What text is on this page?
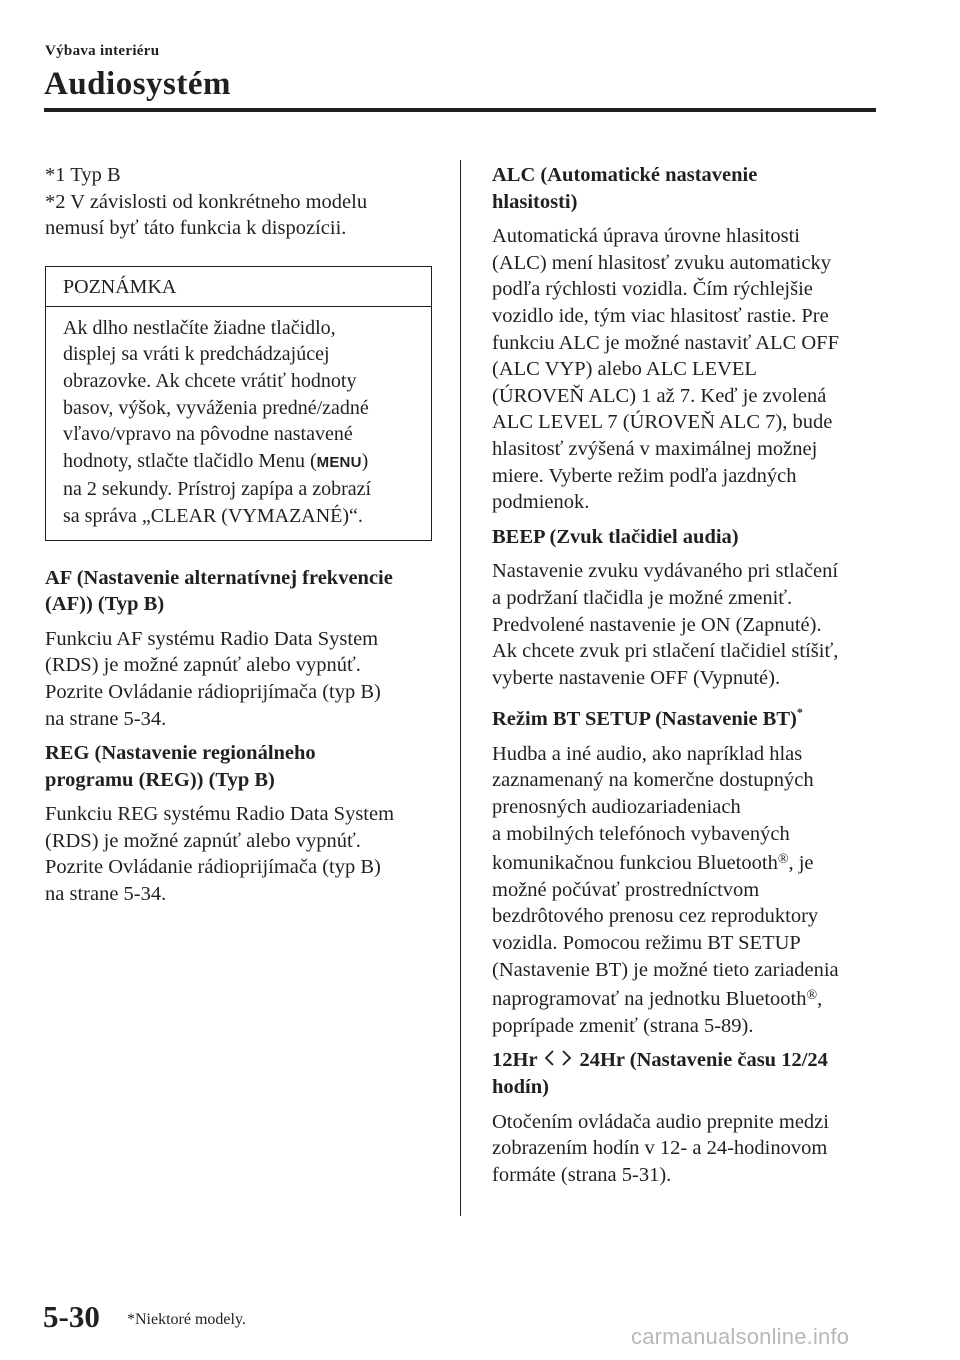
Výbava interiéru
Audiosystém
*1 Typ B
*2 V závislosti od konkrétneho modelu
nemusí byť táto funkcia k dispozícii.
POZNÁMKA
Ak dlho nestlačíte žiadne tlačidlo,
displej sa vráti k predchádzajúcej
obrazovke. Ak chcete vrátiť hodnoty
basov, výšok, vyváženia predné/zadné
vľavo/vpravo na pôvodne nastavené
hodnoty, stlačte tlačidlo Menu (MENU)
na 2 sekundy. Prístroj zapípa a zobrazí
sa správa „CLEAR (VYMAZANÉ)“.
AF (Nastavenie alternatívnej frekvencie
(AF)) (Typ B)
Funkciu AF systému Radio Data System
(RDS) je možné zapnúť alebo vypnúť.
Pozrite Ovládanie rádioprijímača (typ B)
na strane 5-34.
REG (Nastavenie regionálneho
programu (REG)) (Typ B)
Funkciu REG systému Radio Data System
(RDS) je možné zapnúť alebo vypnúť.
Pozrite Ovládanie rádioprijímača (typ B)
na strane 5-34.
ALC (Automatické nastavenie
hlasitosti)
Automatická úprava úrovne hlasitosti
(ALC) mení hlasitosť zvuku automaticky
podľa rýchlosti vozidla. Čím rýchlejšie
vozidlo ide, tým viac hlasitosť rastie. Pre
funkciu ALC je možné nastaviť ALC OFF
(ALC VYP) alebo ALC LEVEL
(ÚROVEŇ ALC) 1 až 7. Keď je zvolená
ALC LEVEL 7 (ÚROVEŇ ALC 7), bude
hlasitosť zvýšená v maximálnej možnej
miere. Vyberte režim podľa jazdných
podmienok.
BEEP (Zvuk tlačidiel audia)
Nastavenie zvuku vydávaného pri stlačení
a podržaní tlačidla je možné zmeniť.
Predvolené nastavenie je ON (Zapnuté).
Ak chcete zvuk pri stlačení tlačidiel stíšiť,
vyberte nastavenie OFF (Vypnuté).
Režim BT SETUP (Nastavenie BT)*
Hudba a iné audio, ako napríklad hlas
zaznamenaný na komerčne dostupných
prenosných audiozariadeniach
a mobilných telefónoch vybavených
komunikačnou funkciou Bluetooth®, je
možné počúvať prostredníctvom
bezdrôtového prenosu cez reproduktory
vozidla. Pomocou režimu BT SETUP
(Nastavenie BT) je možné tieto zariadenia
naprogramovať na jednotku Bluetooth®,
poprípade zmeniť (strana 5-89).
12Hr 24Hr (Nastavenie času 12/24
hodín)
Otočením ovládača audio prepnite medzi
zobrazením hodín v 12- a 24-hodinovom
formáte (strana 5-31).
5-30 *Niektoré modely.
carmanualsonline.info
